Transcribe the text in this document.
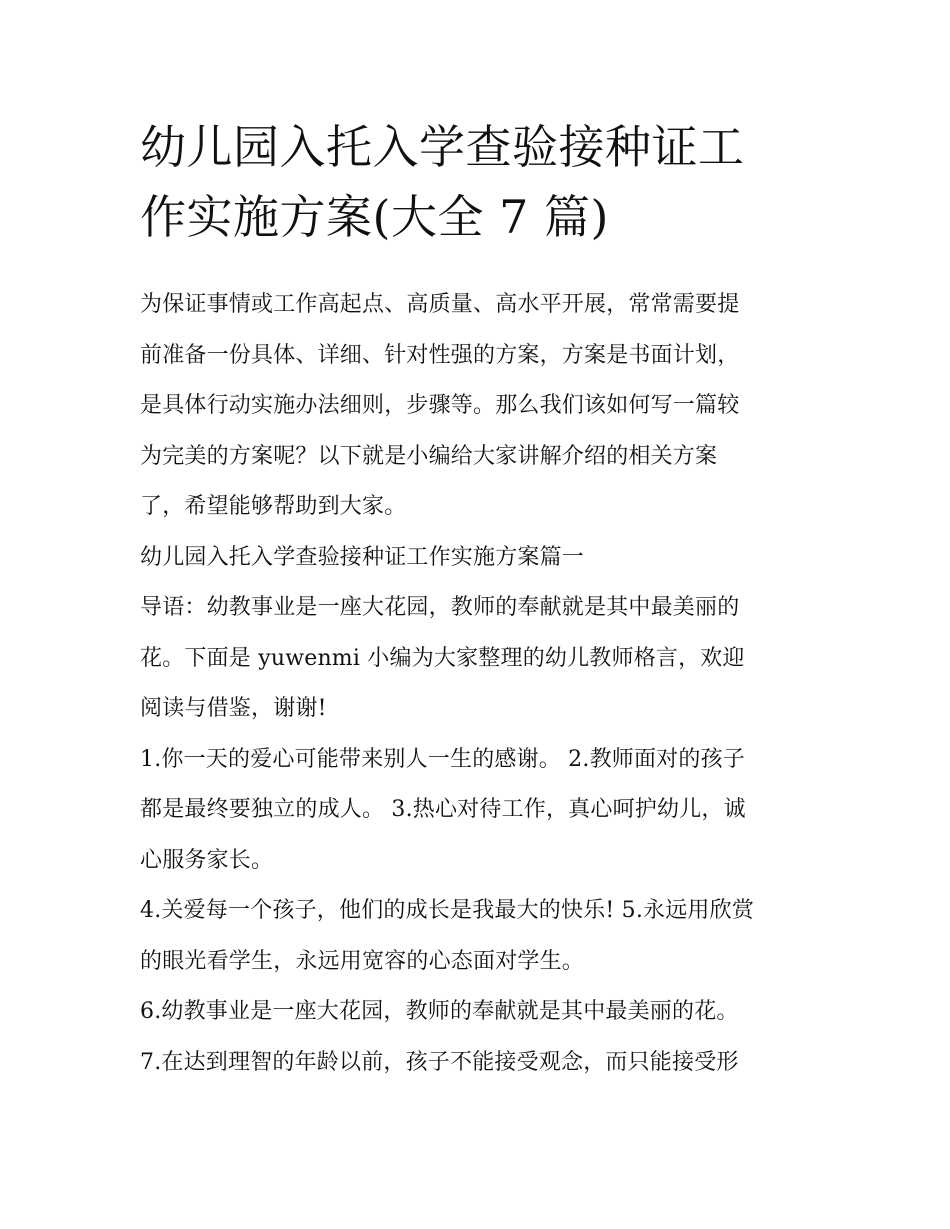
幼儿园入托入学查验接种证工
作实施方案(大全 7 篇)
为保证事情或工作高起点、高质量、高水平开展，常常需要提
前准备一份具体、详细、针对性强的方案，方案是书面计划，
是具体行动实施办法细则，步骤等。那么我们该如何写一篇较
为完美的方案呢？以下就是小编给大家讲解介绍的相关方案
了，希望能够帮助到大家。
幼儿园入托入学查验接种证工作实施方案篇一
导语：幼教事业是一座大花园，教师的奉献就是其中最美丽的
花。下面是 yuwenmi 小编为大家整理的幼儿教师格言，欢迎
阅读与借鉴，谢谢!
1.你一天的爱心可能带来别人一生的感谢。 2.教师面对的孩子
都是最终要独立的成人。 3.热心对待工作，真心呵护幼儿，诚
心服务家长。
4.关爱每一个孩子，他们的成长是我最大的快乐! 5.永远用欣赏
的眼光看学生，永远用宽容的心态面对学生。
6.幼教事业是一座大花园，教师的奉献就是其中最美丽的花。
7.在达到理智的年龄以前，孩子不能接受观念，而只能接受形
